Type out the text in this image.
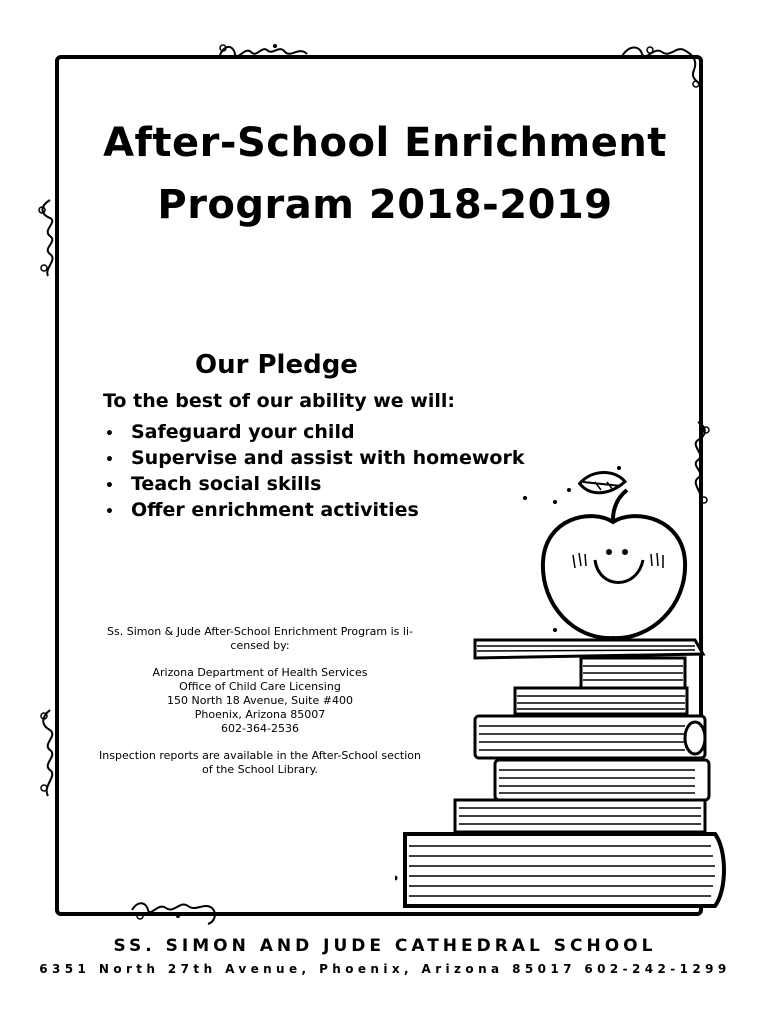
After-School Enrichment
Program 2018-2019
Our Pledge
To the best of our ability we will:
• Safeguard your child
• Supervise and assist with homework
• Teach social skills
• Offer enrichment activities

Ss. Simon & Jude After-School Enrichment Program is li-
censed by:

Arizona Department of Health Services
Office of Child Care Licensing
150 North 18 Avenue, Suite #400
Phoenix, Arizona 85007
602-364-2536

Inspection reports are available in the After-School section
of the School Library.

SS. SIMON AND JUDE CATHEDRAL SCHOOL
6351 North 27th Avenue, Phoenix, Arizona 85017 602-242-1299
